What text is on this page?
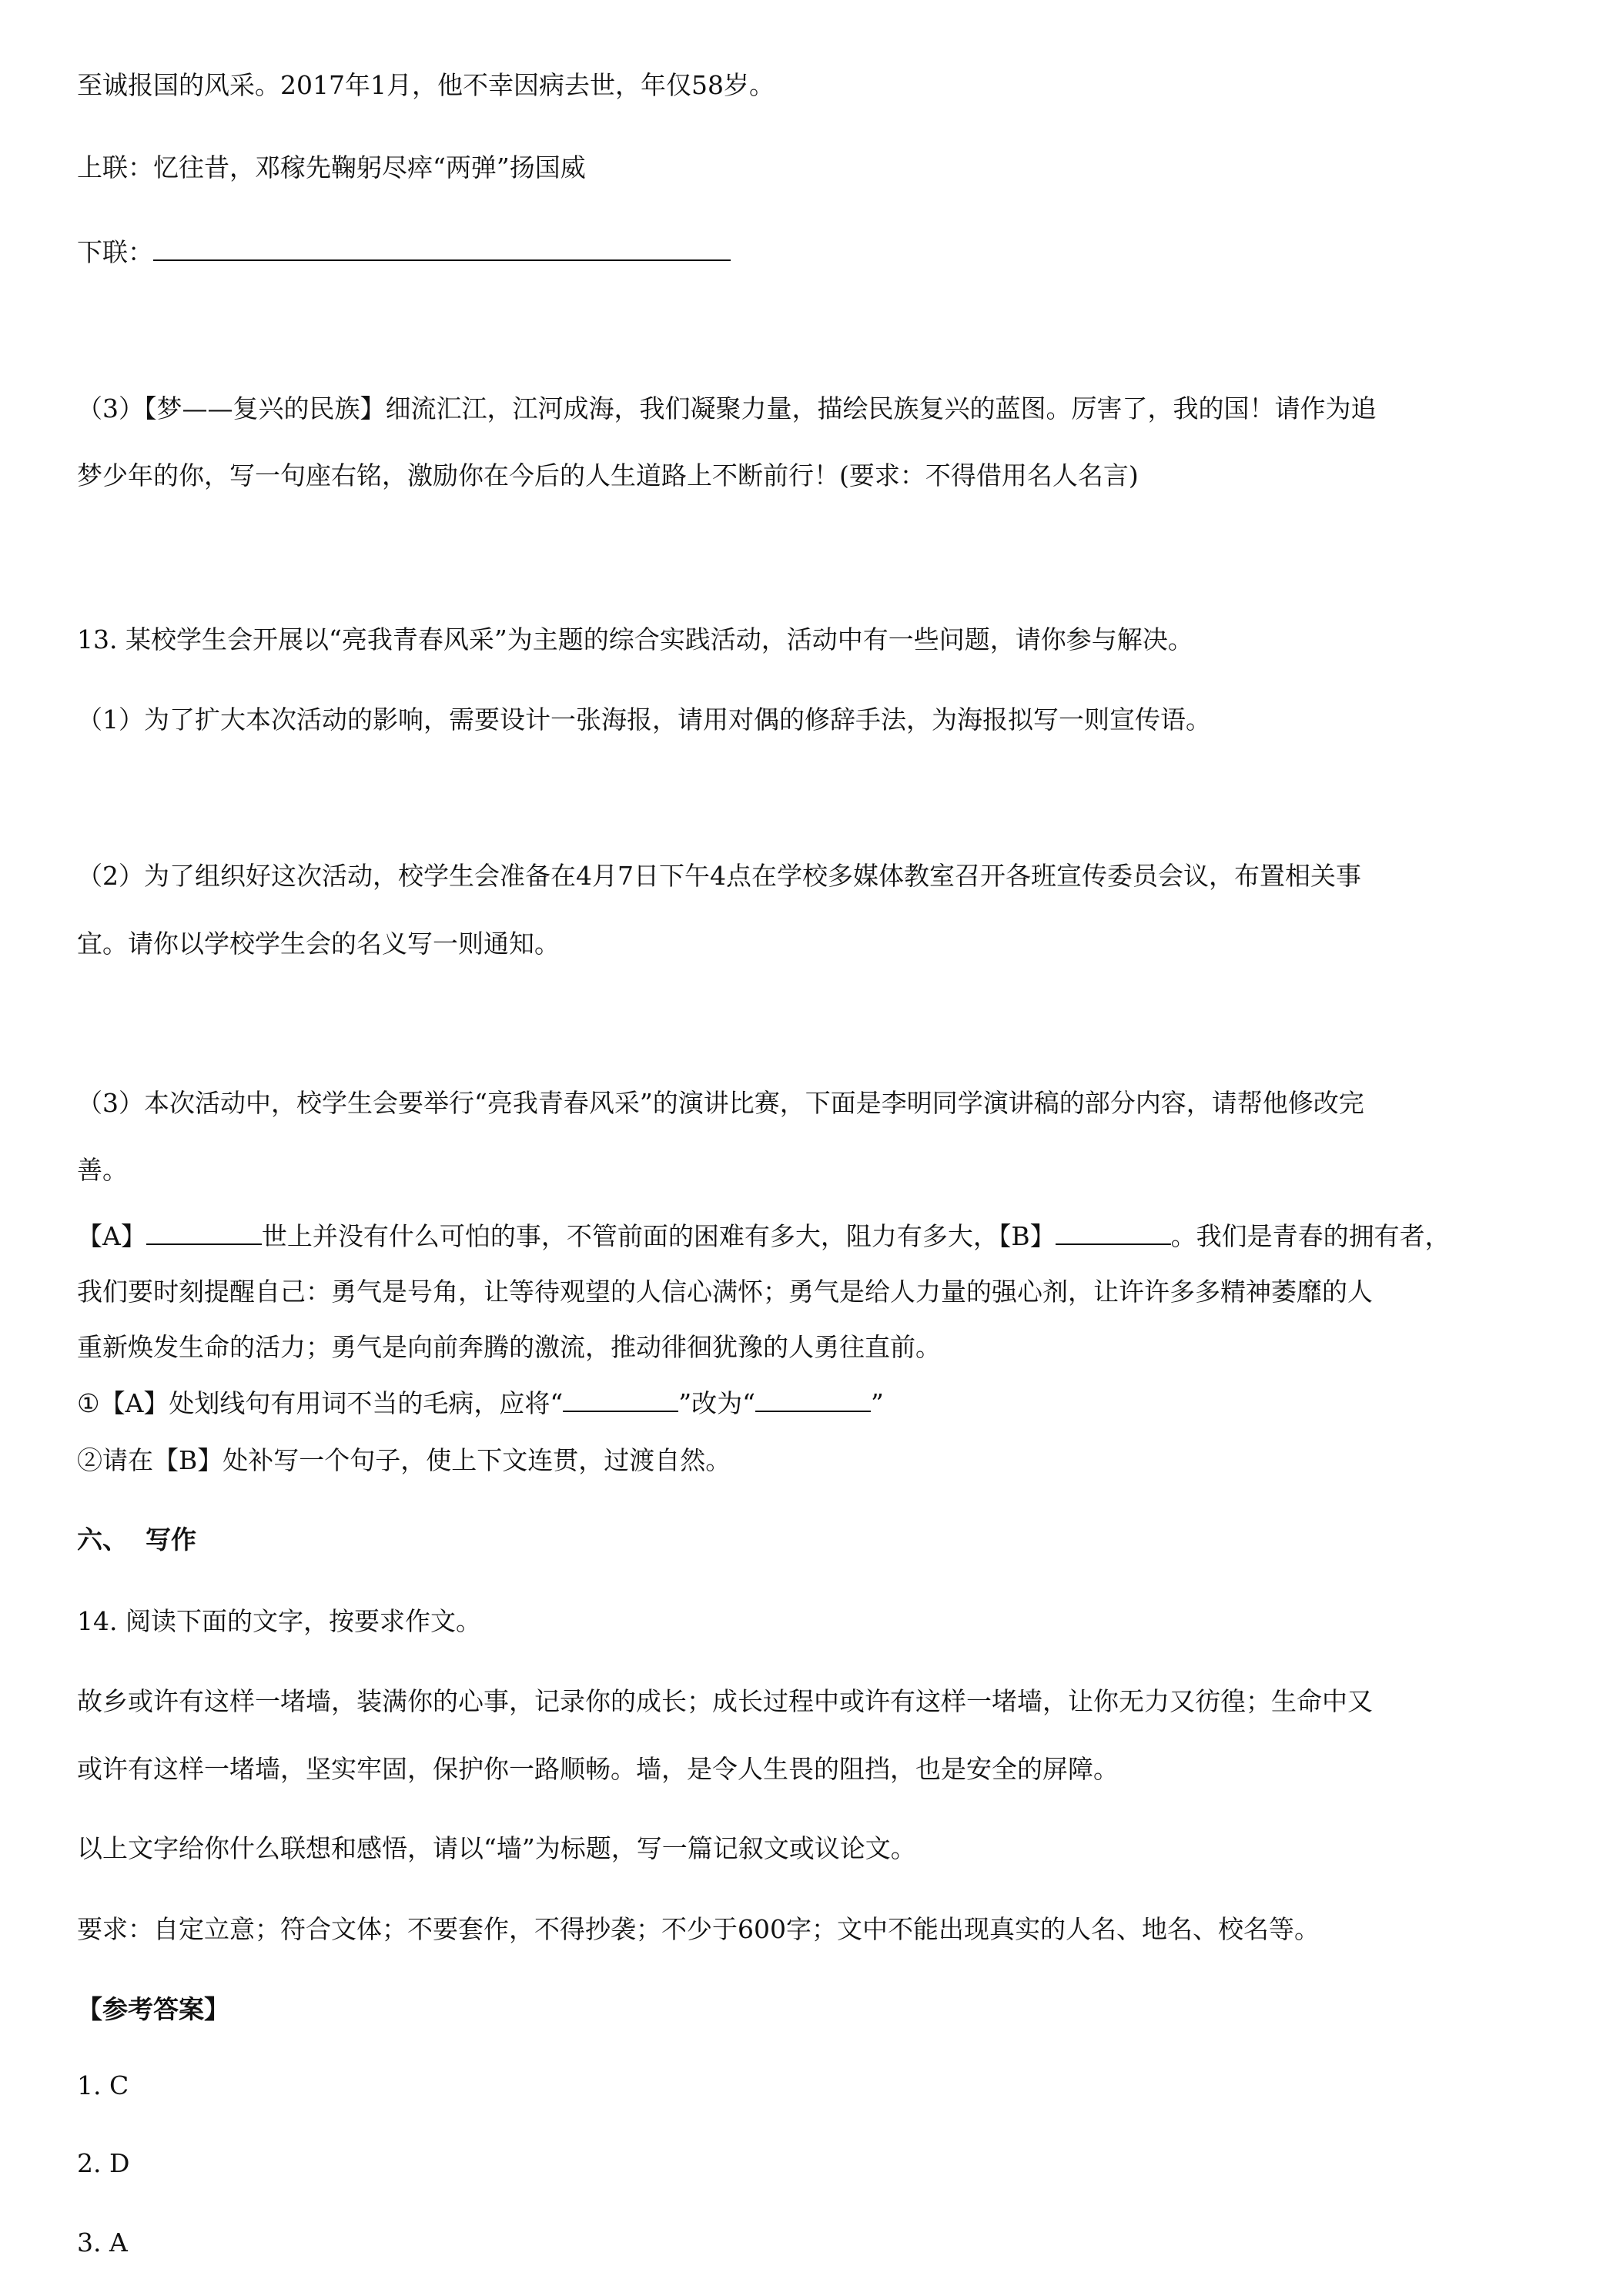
至诚报国的风采。2017年1月，他不幸因病去世，年仅58岁。
上联：忆往昔，邓稼先鞠躬尽瘁“两弹”扬国威
下联：
（3）【梦——复兴的民族】细流汇江，江河成海，我们凝聚力量，描绘民族复兴的蓝图。厉害了，我的国！请作为追
梦少年的你，写一句座右铭，激励你在今后的人生道路上不断前行！(要求：不得借用名人名言)
13. 某校学生会开展以“亮我青春风采”为主题的综合实践活动，活动中有一些问题，请你参与解决。
（1）为了扩大本次活动的影响，需要设计一张海报，请用对偶的修辞手法，为海报拟写一则宣传语。
（2）为了组织好这次活动，校学生会准备在4月7日下午4点在学校多媒体教室召开各班宣传委员会议，布置相关事
宜。请你以学校学生会的名义写一则通知。
（3）本次活动中，校学生会要举行“亮我青春风采”的演讲比赛，下面是李明同学演讲稿的部分内容，请帮他修改完
善。
【A】	世上并没有什么可怕的事，不管前面的困难有多大，阻力有多大，【B】	。我们是青春的拥有者，
我们要时刻提醒自己：勇气是号角，让等待观望的人信心满怀；勇气是给人力量的强心剂，让许许多多精神萎靡的人
重新焕发生命的活力；勇气是向前奔腾的激流，推动徘徊犹豫的人勇往直前。
①【A】处划线句有用词不当的毛病，应将“	”改为“	”
②请在【B】处补写一个句子，使上下文连贯，过渡自然。
六、  写作
14. 阅读下面的文字，按要求作文。
故乡或许有这样一堵墙，装满你的心事，记录你的成长；成长过程中或许有这样一堵墙，让你无力又彷徨；生命中又
或许有这样一堵墙，坚实牢固，保护你一路顺畅。墙，是令人生畏的阻挡，也是安全的屏障。
以上文字给你什么联想和感悟，请以“墙”为标题，写一篇记叙文或议论文。
要求：自定立意；符合文体；不要套作，不得抄袭；不少于600字；文中不能出现真实的人名、地名、校名等。
【参考答案】
1. C
2. D
3. A
